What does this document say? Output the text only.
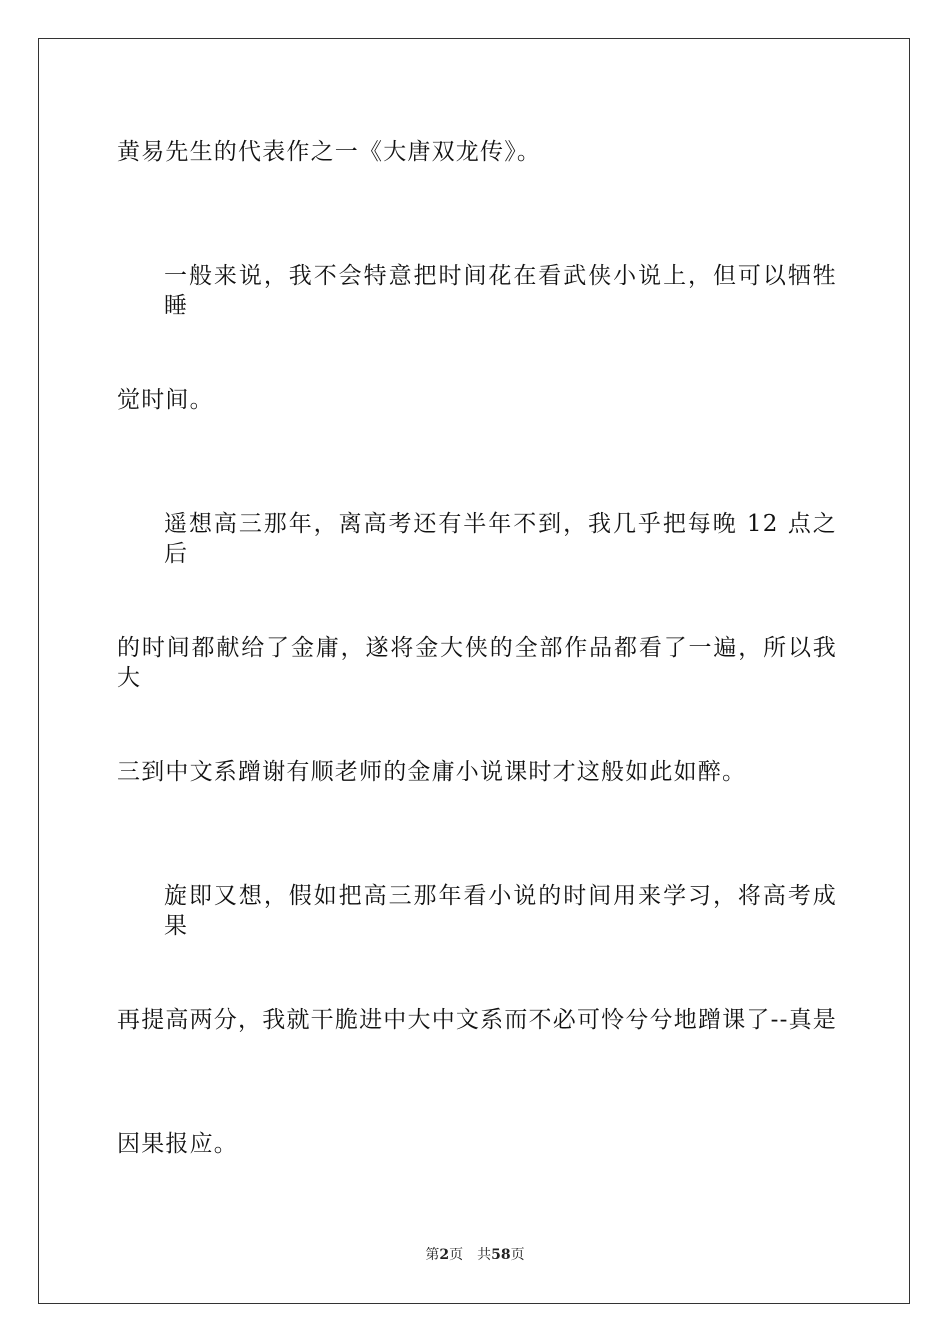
黄易先生的代表作之一《大唐双龙传》。
一般来说，我不会特意把时间花在看武侠小说上，但可以牺牲睡
觉时间。
遥想高三那年，离高考还有半年不到，我几乎把每晚 12 点之后
的时间都献给了金庸，遂将金大侠的全部作品都看了一遍，所以我大
三到中文系蹭谢有顺老师的金庸小说课时才这般如此如醉。
旋即又想，假如把高三那年看小说的时间用来学习，将高考成果
再提高两分，我就干脆进中大中文系而不必可怜兮兮地蹭课了--真是
因果报应。
第2页 共58页
